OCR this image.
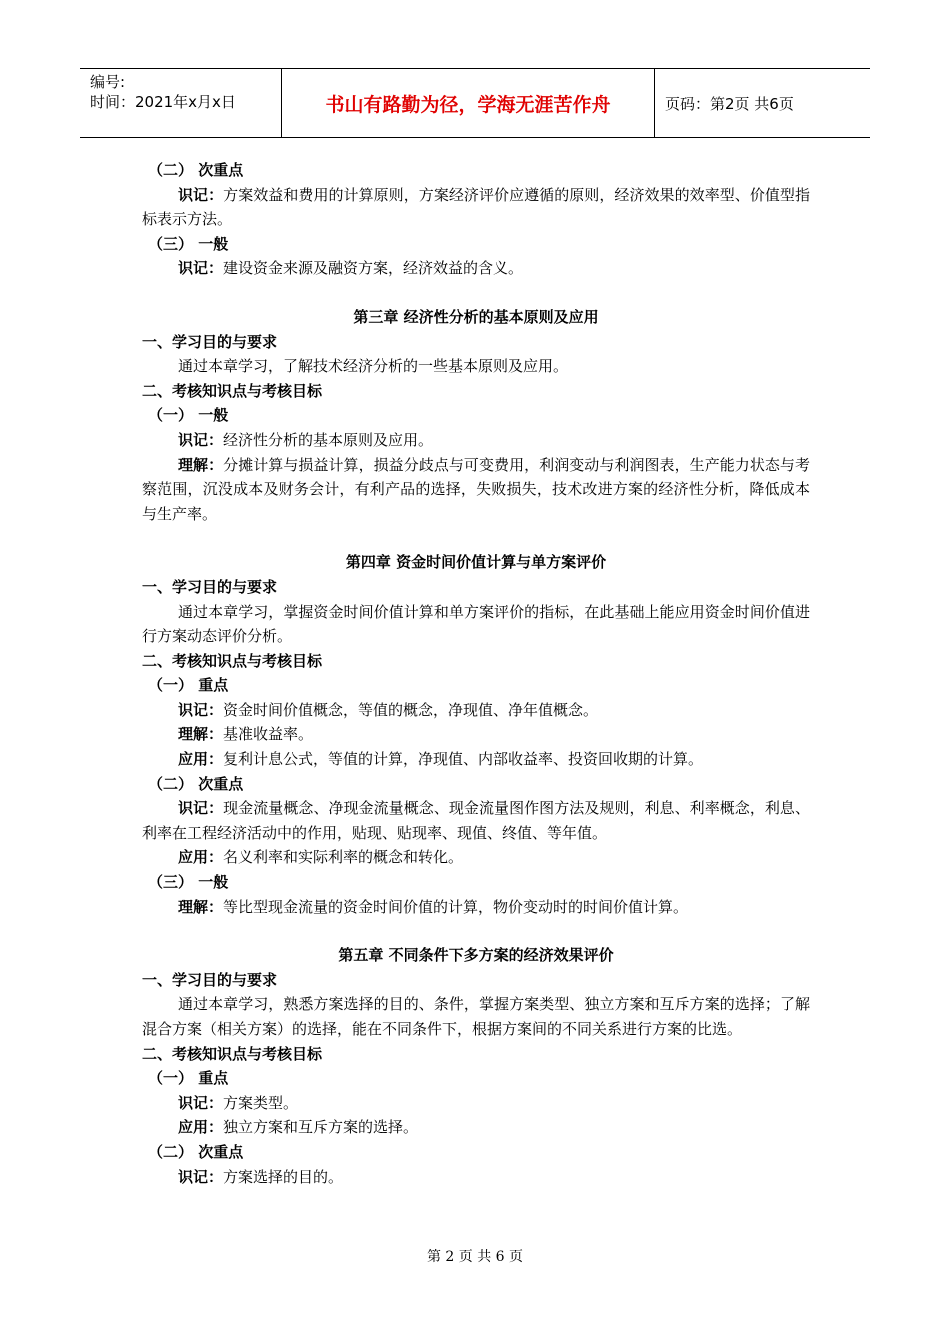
编号:
时间：2021年x月x日	书山有路勤为径，学海无涯苦作舟	页码：第2页 共6页

（二） 次重点

识记：方案效益和费用的计算原则，方案经济评价应遵循的原则，经济效果的效率型、价值型指标表示方法。

（三） 一般

识记：建设资金来源及融资方案，经济效益的含义。

第三章 经济性分析的基本原则及应用

一、学习目的与要求

通过本章学习，了解技术经济分析的一些基本原则及应用。

二、考核知识点与考核目标

（一） 一般

识记：经济性分析的基本原则及应用。

理解：分摊计算与损益计算，损益分歧点与可变费用，利润变动与利润图表，生产能力状态与考察范围，沉没成本及财务会计，有利产品的选择，失败损失，技术改进方案的经济性分析，降低成本与生产率。

第四章 资金时间价值计算与单方案评价

一、学习目的与要求

通过本章学习，掌握资金时间价值计算和单方案评价的指标，在此基础上能应用资金时间价值进行方案动态评价分析。

二、考核知识点与考核目标

（一） 重点

识记：资金时间价值概念，等值的概念，净现值、净年值概念。

理解：基准收益率。

应用：复利计息公式，等值的计算，净现值、内部收益率、投资回收期的计算。

（二） 次重点

识记：现金流量概念、净现金流量概念、现金流量图作图方法及规则，利息、利率概念，利息、利率在工程经济活动中的作用，贴现、贴现率、现值、终值、等年值。

应用：名义利率和实际利率的概念和转化。

（三） 一般

理解：等比型现金流量的资金时间价值的计算，物价变动时的时间价值计算。

第五章 不同条件下多方案的经济效果评价

一、学习目的与要求

通过本章学习，熟悉方案选择的目的、条件，掌握方案类型、独立方案和互斥方案的选择；了解混合方案（相关方案）的选择，能在不同条件下，根据方案间的不同关系进行方案的比选。

二、考核知识点与考核目标

（一） 重点

识记：方案类型。

应用：独立方案和互斥方案的选择。

（二） 次重点

识记：方案选择的目的。

第 2 页 共 6 页
